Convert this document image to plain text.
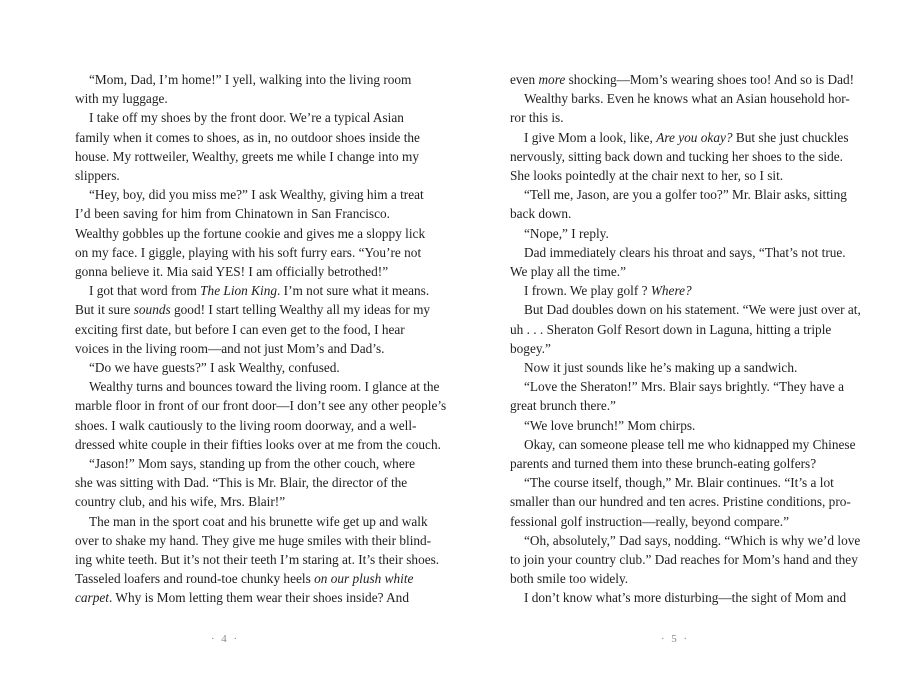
“Mom, Dad, I’m home!” I yell, walking into the living room
with my luggage.
I take off my shoes by the front door. We’re a typical Asian
family when it comes to shoes, as in, no outdoor shoes inside the
house. My rottweiler, Wealthy, greets me while I change into my
slippers.
“Hey, boy, did you miss me?” I ask Wealthy, giving him a treat
I’d been saving for him from Chinatown in San Francisco.
Wealthy gobbles up the fortune cookie and gives me a sloppy lick
on my face. I giggle, playing with his soft furry ears. “You’re not
gonna believe it. Mia said YES! I am officially betrothed!”
I got that word from The Lion King. I’m not sure what it means.
But it sure sounds good! I start telling Wealthy all my ideas for my
exciting first date, but before I can even get to the food, I hear
voices in the living room—and not just Mom’s and Dad’s.
“Do we have guests?” I ask Wealthy, confused.
Wealthy turns and bounces toward the living room. I glance at the
marble floor in front of our front door—I don’t see any other people’s
shoes. I walk cautiously to the living room doorway, and a well-
dressed white couple in their fifties looks over at me from the couch.
“Jason!” Mom says, standing up from the other couch, where
she was sitting with Dad. “This is Mr. Blair, the director of the
country club, and his wife, Mrs. Blair!”
The man in the sport coat and his brunette wife get up and walk
over to shake my hand. They give me huge smiles with their blind-
ing white teeth. But it’s not their teeth I’m staring at. It’s their shoes.
Tasseled loafers and round-toe chunky heels on our plush white
carpet. Why is Mom letting them wear their shoes inside? And
· 4 ·
even more shocking—Mom’s wearing shoes too! And so is Dad!
Wealthy barks. Even he knows what an Asian household hor-
ror this is.
I give Mom a look, like, Are you okay? But she just chuckles
nervously, sitting back down and tucking her shoes to the side.
She looks pointedly at the chair next to her, so I sit.
“Tell me, Jason, are you a golfer too?” Mr. Blair asks, sitting
back down.
“Nope,” I reply.
Dad immediately clears his throat and says, “That’s not true.
We play all the time.”
I frown. We play golf ? Where?
But Dad doubles down on his statement. “We were just over at,
uh . . . Sheraton Golf Resort down in Laguna, hitting a triple
bogey.”
Now it just sounds like he’s making up a sandwich.
“Love the Sheraton!” Mrs. Blair says brightly. “They have a
great brunch there.”
“We love brunch!” Mom chirps.
Okay, can someone please tell me who kidnapped my Chinese
parents and turned them into these brunch-eating golfers?
“The course itself, though,” Mr. Blair continues. “It’s a lot
smaller than our hundred and ten acres. Pristine conditions, pro-
fessional golf instruction—really, beyond compare.”
“Oh, absolutely,” Dad says, nodding. “Which is why we’d love
to join your country club.” Dad reaches for Mom’s hand and they
both smile too widely.
I don’t know what’s more disturbing—the sight of Mom and
· 5 ·
